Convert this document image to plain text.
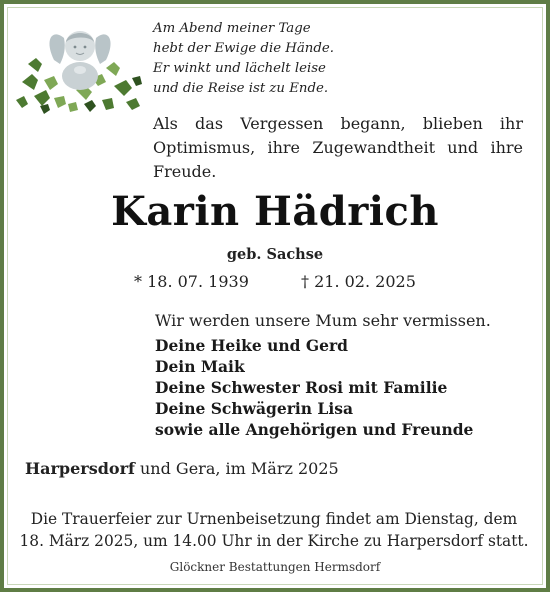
Am Abend meiner Tage
hebt der Ewige die Hände.
Er winkt und lächelt leise
und die Reise ist zu Ende.
Als das Vergessen begann, blieben ihr Optimismus, ihre Zugewandtheit und ihre Freude.
Karin Hädrich
geb. Sachse
* 18. 07. 1939	† 21. 02. 2025
Wir werden unsere Mum sehr vermissen.
Deine Heike und Gerd
Dein Maik
Deine Schwester Rosi mit Familie
Deine Schwägerin Lisa
sowie alle Angehörigen und Freunde
Harpersdorf und Gera, im März 2025
Die Trauerfeier zur Urnenbeisetzung findet am Dienstag, dem
18. März 2025, um 14.00 Uhr in der Kirche zu Harpersdorf statt.
Glöckner Bestattungen Hermsdorf
